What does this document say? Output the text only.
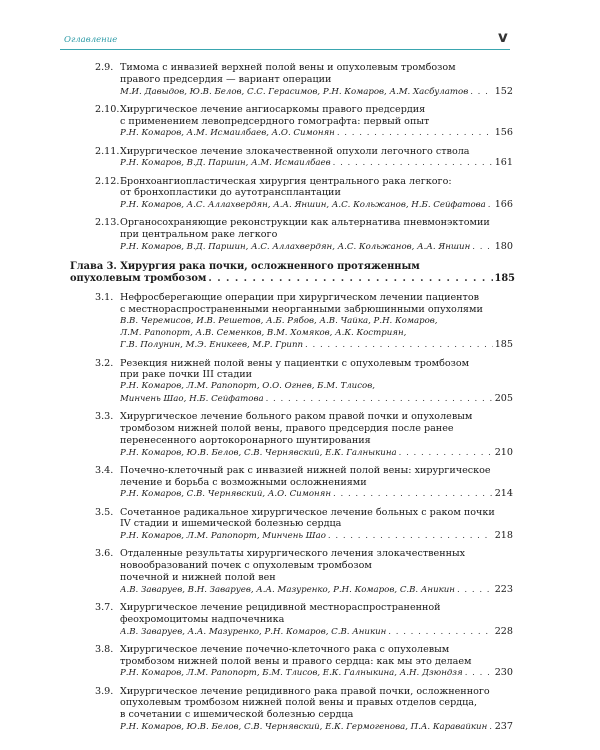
Оглавление	v
2.9. Тимома с инвазией верхней полой вены и опухолевым тромбозом
правого предсердия — вариант операции
М.И. Давыдов, Ю.В. Белов, С.С. Герасимов, Р.Н. Комаров, А.М. Хасбулатов . . .	152
2.10. Хирургическое лечение ангиосаркомы правого предсердия
с применением левопредсердного гомографта: первый опыт
Р.Н. Комаров, А.М. Исмаилбаев, А.О. Симонян . . .	156
2.11. Хирургическое лечение злокачественной опухоли легочного ствола
Р.Н. Комаров, В.Д. Паршин, А.М. Исмаилбаев . . .	161
2.12. Бронхоангиопластическая хирургия центрального рака легкого:
от бронхопластики до аутотрансплантации
Р.Н. Комаров, А.С. Аллахвердян, А.А. Яншин, А.С. Кольжанов, Н.Б. Сейфатова . . . 166
2.13. Органосохраняющие реконструкции как альтернатива пневмонэктомии
при центральном раке легкого
Р.Н. Комаров, В.Д. Паршин, А.С. Аллахвердян, А.С. Кольжанов, А.А. Яншин . . .	180
Глава 3. Хирургия рака почки, осложненного протяженным
опухолевым тромбозом . . .	185
3.1. Нефросберегающие операции при хирургическом лечении пациентов
с местнораспространенными неорганными забрюшинными опухолями
В.В. Черемисов, И.В. Решетов, А.Б. Рябов, А.В. Чайка, Р.Н. Комаров,
Л.М. Рапопорт, А.В. Семенков, В.М. Хомяков, А.К. Костриян,
Г.В. Полунин, М.Э. Еникеев, М.Р. Гриnn . . .	185
3.2. Резекция нижней полой вены у пациентки с опухолевым тромбозом
при раке почки III стадии
Р.Н. Комаров, Л.М. Рапопорт, О.О. Огнев, Б.М. Тлисов,
Минчень Шао, Н.Б. Сейфатова . . .	205
3.3. Хирургическое лечение больного раком правой почки и опухолевым
тромбозом нижней полой вены, правого предсердия после ранее
перенесенного аортокоронарного шунтирования
Р.Н. Комаров, Ю.В. Белов, С.В. Чернявский, Е.К. Галныкина . . .	210
3.4. Почечно-клеточный рак с инвазией нижней полой вены: хирургическое
лечение и борьба с возможными осложнениями
Р.Н. Комаров, С.В. Чернявский, А.О. Симонян . . .	214
3.5. Сочетанное радикальное хирургическое лечение больных с раком почки
IV стадии и ишемической болезнью сердца
Р.Н. Комаров, Л.М. Рапопорт, Минчень Шао . . .	218
3.6. Отдаленные результаты хирургического лечения злокачественных
новообразований почек с опухолевым тромбозом
почечной и нижней полой вен
А.В. Заваруев, В.Н. Заваруев, А.А. Мазуренко, Р.Н. Комаров, С.В. Аникин . . .	223
3.7. Хирургическое лечение рецидивной местнораспространенной
феохромоцитомы надпочечника
А.В. Заваруев, А.А. Мазуренко, Р.Н. Комаров, С.В. Аникин . . .	228
3.8. Хирургическое лечение почечно-клеточного рака с опухолевым
тромбозом нижней полой вены и правого сердца: как мы это делаем
Р.Н. Комаров, Л.М. Рапопорт, Б.М. Тлисов, Е.К. Галныкина, А.Н. Дзюндзя . . .	230
3.9. Хирургическое лечение рецидивного рака правой почки, осложненного
опухолевым тромбозом нижней полой вены и правых отделов сердца,
в сочетании с ишемической болезнью сердца
Р.Н. Комаров, Ю.В. Белов, С.В. Чернявский, Е.К. Гермогенова, П.А. Каравайкин . . . 237
